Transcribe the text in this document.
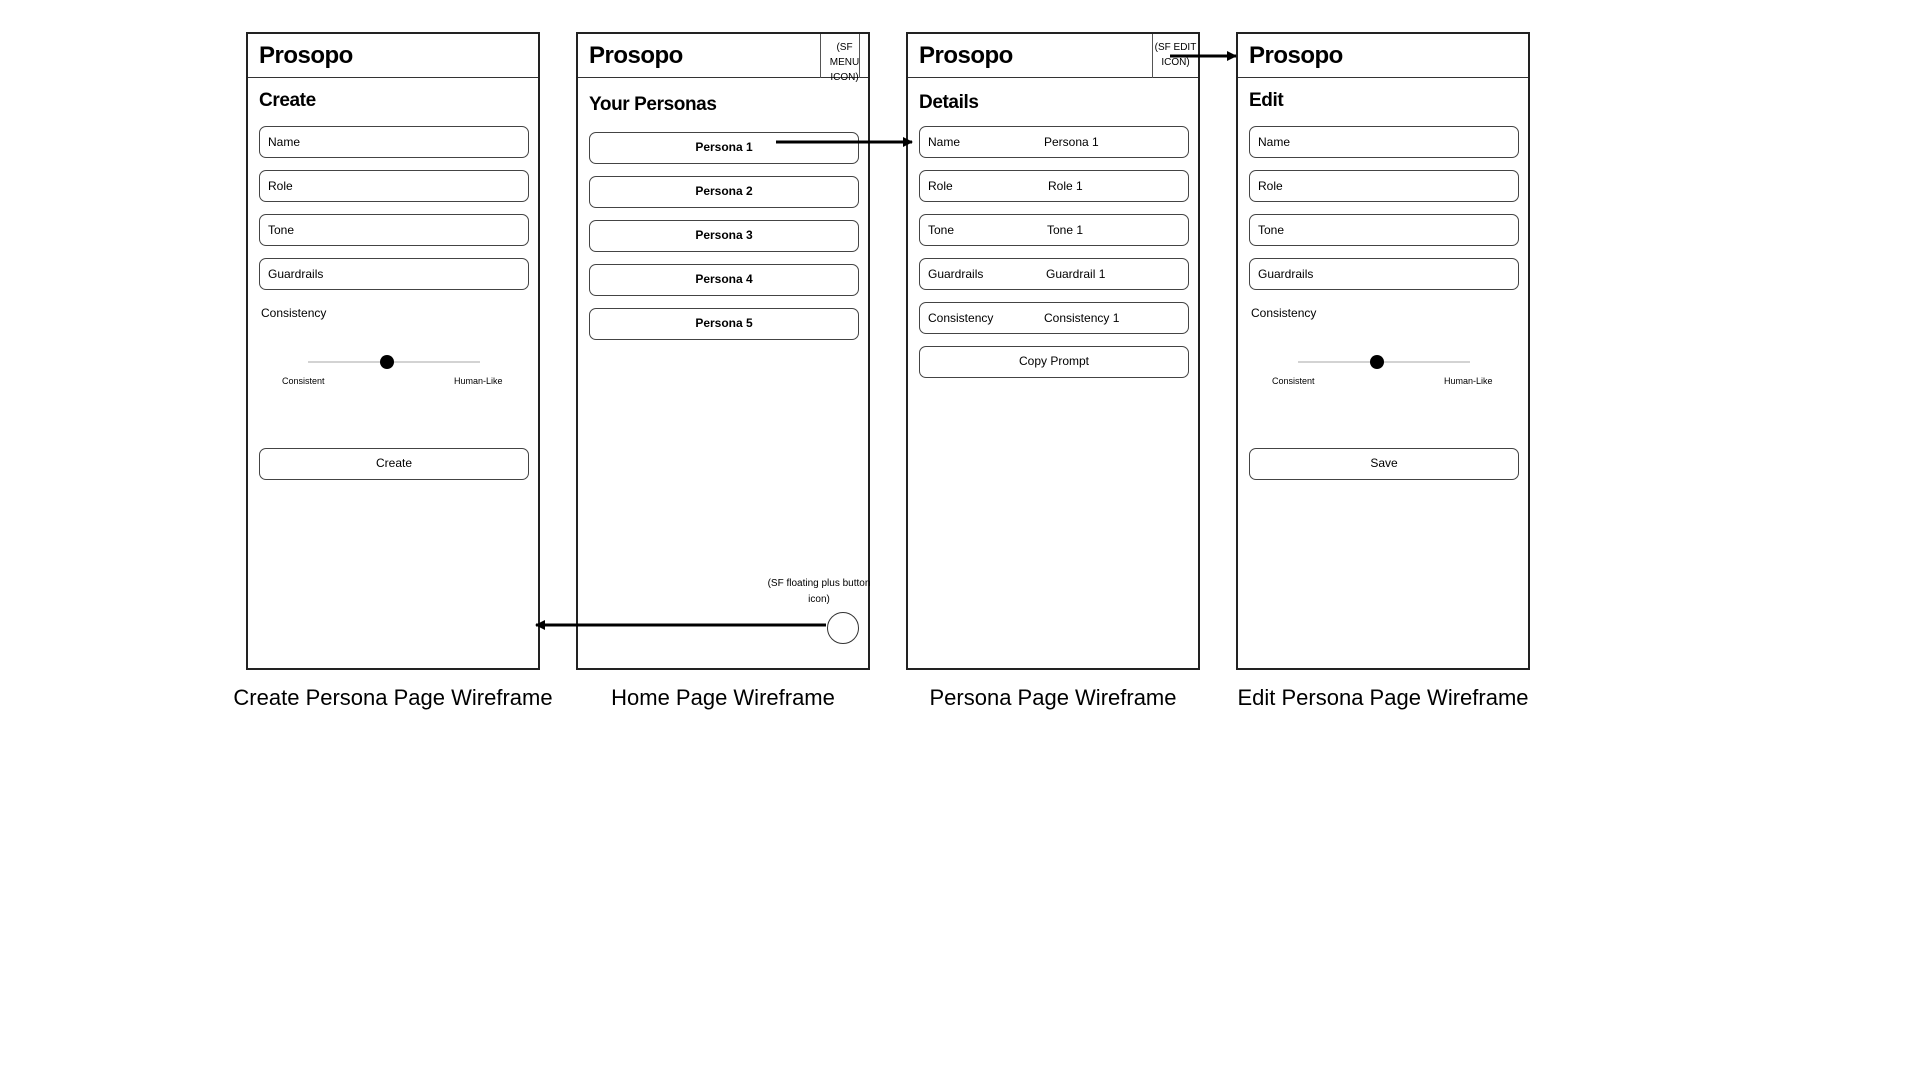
Prosopo
Create
Name
Role
Tone
Guardrails
Consistency
Consistent	Human-Like
Create
Create Persona Page Wireframe
Prosopo	(SF MENU ICON)
Your Personas
Persona 1
Persona 2
Persona 3
Persona 4
Persona 5
(SF floating plus button icon)
Home Page Wireframe
Prosopo	(SF EDIT ICON)
Details
Name	Persona 1
Role	Role 1
Tone	Tone 1
Guardrails	Guardrail 1
Consistency	Consistency 1
Copy Prompt
Persona Page Wireframe
Prosopo
Edit
Name
Role
Tone
Guardrails
Consistency
Consistent	Human-Like
Save
Edit Persona Page Wireframe
